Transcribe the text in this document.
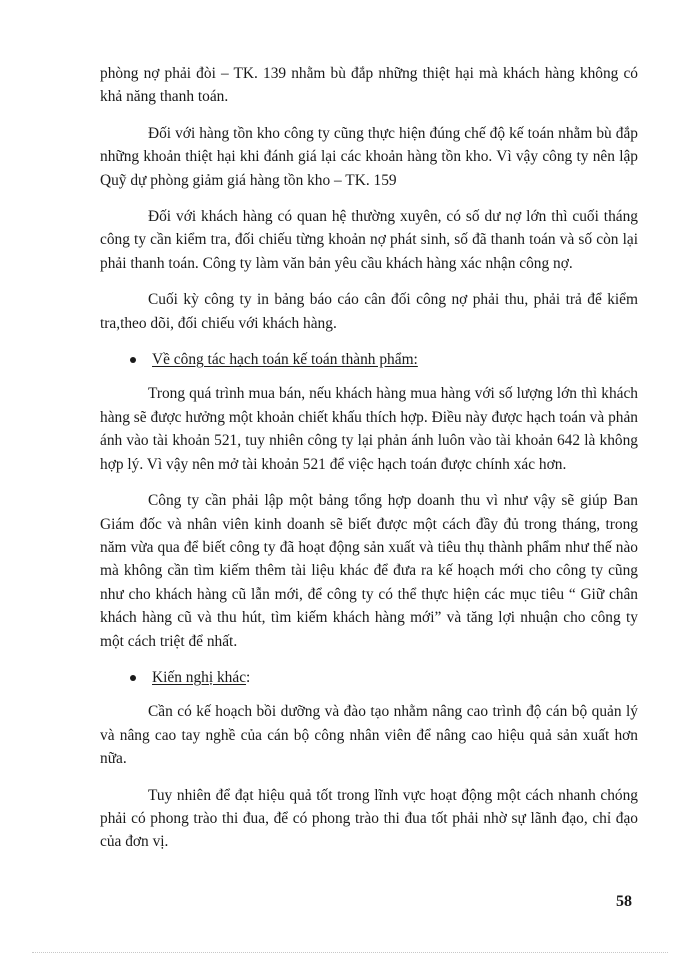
phòng nợ phải đòi – TK. 139 nhằm bù đắp những thiệt hại mà khách hàng không có khả năng thanh toán.

Đối với hàng tồn kho công ty cũng thực hiện đúng chế độ kế toán nhằm bù đắp những khoản thiệt hại khi đánh giá lại các khoản hàng tồn kho. Vì vậy công ty nên lập Quỹ dự phòng giảm giá hàng tồn kho – TK. 159

Đối với khách hàng có quan hệ thường xuyên, có số dư nợ lớn thì cuối tháng công ty cần kiểm tra, đối chiếu từng khoản nợ phát sinh, số đã thanh toán và số còn lại phải thanh toán. Công ty làm văn bản yêu cầu khách hàng xác nhận công nợ.

Cuối kỳ công ty in bảng báo cáo cân đối công nợ phải thu, phải trả để kiểm tra,theo dõi, đối chiếu với khách hàng.

Về công tác hạch toán kế toán thành phẩm:

Trong quá trình mua bán, nếu khách hàng mua hàng với số lượng lớn thì khách hàng sẽ được hưởng một khoản chiết khấu thích hợp. Điều này được hạch toán và phản ánh vào tài khoản 521, tuy nhiên công ty lại phản ánh luôn vào tài khoản 642 là không hợp lý. Vì vậy nên mở tài khoản 521 để việc hạch toán được chính xác hơn.

Công ty cần phải lập một bảng tổng hợp doanh thu vì như vậy sẽ giúp Ban Giám đốc và nhân viên kinh doanh sẽ biết được một cách đầy đủ trong tháng, trong năm vừa qua để biết công ty đã hoạt động sản xuất và tiêu thụ thành phẩm như thế nào mà không cần tìm kiếm thêm tài liệu khác để đưa ra kế hoạch mới cho công ty cũng như cho khách hàng cũ lẫn mới, để công ty có thể thực hiện các mục tiêu “ Giữ chân khách hàng cũ và thu hút, tìm kiếm khách hàng mới” và tăng lợi nhuận cho công ty một cách triệt để nhất.

Kiến nghị khác:

Cần có kế hoạch bồi dưỡng và đào tạo nhằm nâng cao trình độ cán bộ quản lý và nâng cao tay nghề của cán bộ công nhân viên để nâng cao hiệu quả sản xuất hơn nữa.

Tuy nhiên để đạt hiệu quả tốt trong lĩnh vực hoạt động một cách nhanh chóng phải có phong trào thi đua, để có phong trào thi đua tốt phải nhờ sự lãnh đạo, chỉ đạo của đơn vị.

58
